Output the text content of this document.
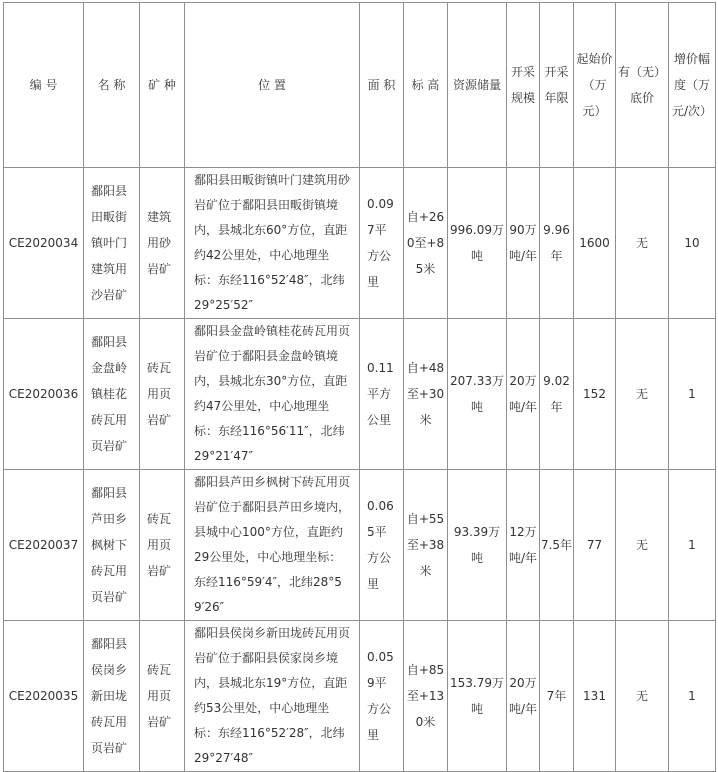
编 号	名 称	矿 种	位 置	面 积	标 高	资源储量	开采规模	开采年限	起始价（万元）	有（无）底价	增价幅度（万元/次）
CE2020034	鄱阳县田畈街镇叶门建筑用沙岩矿	建筑用砂岩矿	鄱阳县田畈街镇叶门建筑用砂岩矿位于鄱阳县田畈街镇境内，县城北东60°方位，直距约42公里处，中心地理坐标：东经116°52′48″，北纬29°25′52″	0.097平方公里	自+260至+85米	996.09万吨	90万吨/年	9.96年	1600	无	10
CE2020036	鄱阳县金盘岭镇桂花砖瓦用页岩矿	砖瓦用页岩矿	鄱阳县金盘岭镇桂花砖瓦用页岩矿位于鄱阳县金盘岭镇境内，县城北东30°方位，直距约47公里处，中心地理坐标：东经116°56′11″，北纬29°21′47″	0.11平方公里	自+48至+30米	207.33万吨	20万吨/年	9.02年	152	无	1
CE2020037	鄱阳县芦田乡枫树下砖瓦用页岩矿	砖瓦用页岩矿	鄱阳县芦田乡枫树下砖瓦用页岩矿位于鄱阳县芦田乡境内，县城中心100°方位，直距约29公里处，中心地理坐标：东经116°59′4″，北纬28°59′26″	0.065平方公里	自+55至+38米	93.39万吨	12万吨/年	7.5年	77	无	1
CE2020035	鄱阳县侯岗乡新田垅砖瓦用页岩矿	砖瓦用页岩矿	鄱阳县侯岗乡新田垅砖瓦用页岩矿位于鄱阳县侯家岗乡境内，县城北东19°方位，直距约53公里处，中心地理坐标：东经116°52′28″，北纬29°27′48″	0.059平方公里	自+85至+130米	153.79万吨	20万吨/年	7年	131	无	1
